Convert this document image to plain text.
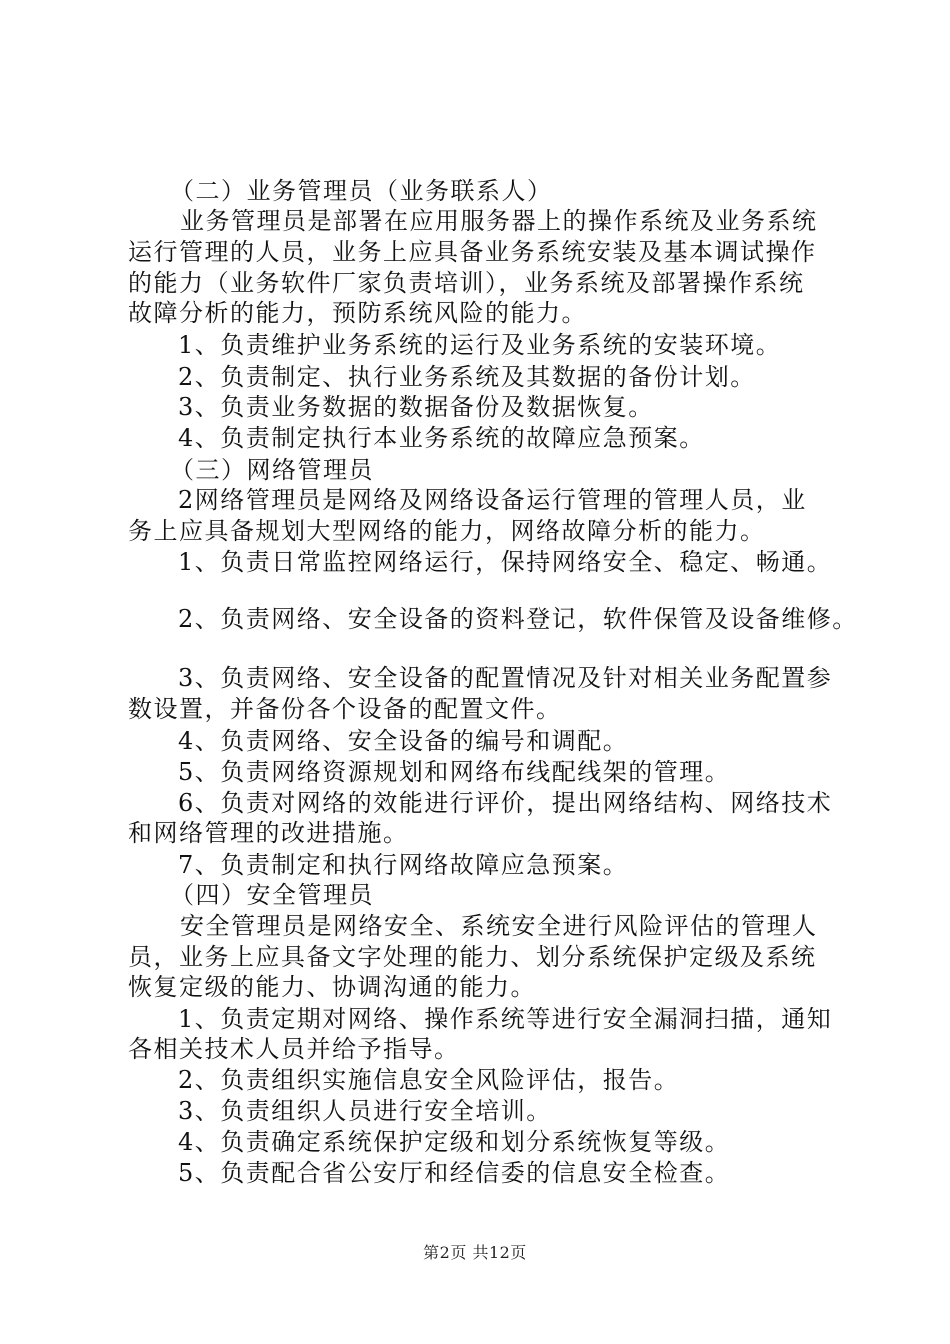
（二）业务管理员（业务联系人）
业务管理员是部署在应用服务器上的操作系统及业务系统
运行管理的人员，业务上应具备业务系统安装及基本调试操作
的能力（业务软件厂家负责培训），业务系统及部署操作系统
故障分析的能力，预防系统风险的能力。
1、负责维护业务系统的运行及业务系统的安装环境。
2、负责制定、执行业务系统及其数据的备份计划。
3、负责业务数据的数据备份及数据恢复。
4、负责制定执行本业务系统的故障应急预案。
（三）网络管理员
2网络管理员是网络及网络设备运行管理的管理人员，业
务上应具备规划大型网络的能力，网络故障分析的能力。
1、负责日常监控网络运行，保持网络安全、稳定、畅通。
2、负责网络、安全设备的资料登记，软件保管及设备维修。
3、负责网络、安全设备的配置情况及针对相关业务配置参
数设置，并备份各个设备的配置文件。
4、负责网络、安全设备的编号和调配。
5、负责网络资源规划和网络布线配线架的管理。
6、负责对网络的效能进行评价，提出网络结构、网络技术
和网络管理的改进措施。
7、负责制定和执行网络故障应急预案。
（四）安全管理员
安全管理员是网络安全、系统安全进行风险评估的管理人
员，业务上应具备文字处理的能力、划分系统保护定级及系统
恢复定级的能力、协调沟通的能力。
1、负责定期对网络、操作系统等进行安全漏洞扫描，通知
各相关技术人员并给予指导。
2、负责组织实施信息安全风险评估，报告。
3、负责组织人员进行安全培训。
4、负责确定系统保护定级和划分系统恢复等级。
5、负责配合省公安厅和经信委的信息安全检查。
第2页 共12页
